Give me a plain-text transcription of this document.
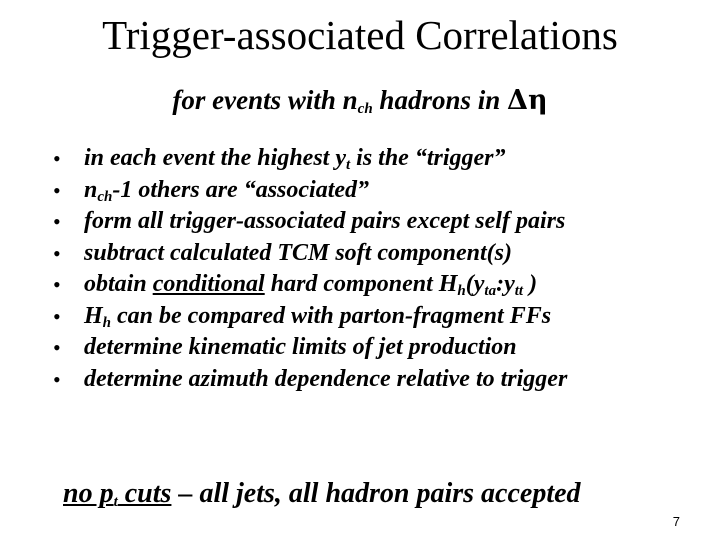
Trigger-associated Correlations
for events with $n_{ch}$ hadrons in Δη
• in each event the highest $y_t$ is the “trigger”
• $n_{ch}-1$ others are “associated”
• form all trigger-associated pairs except self pairs
• subtract calculated TCM soft component(s)
• obtain conditional hard component $H_h(y_{ta}:y_{tt}$ )
• $H_h$ can be compared with parton-fragment FFs
• determine kinematic limits of jet production
• determine azimuth dependence relative to trigger
no $p_t$ cuts – all jets, all hadron pairs accepted
7
